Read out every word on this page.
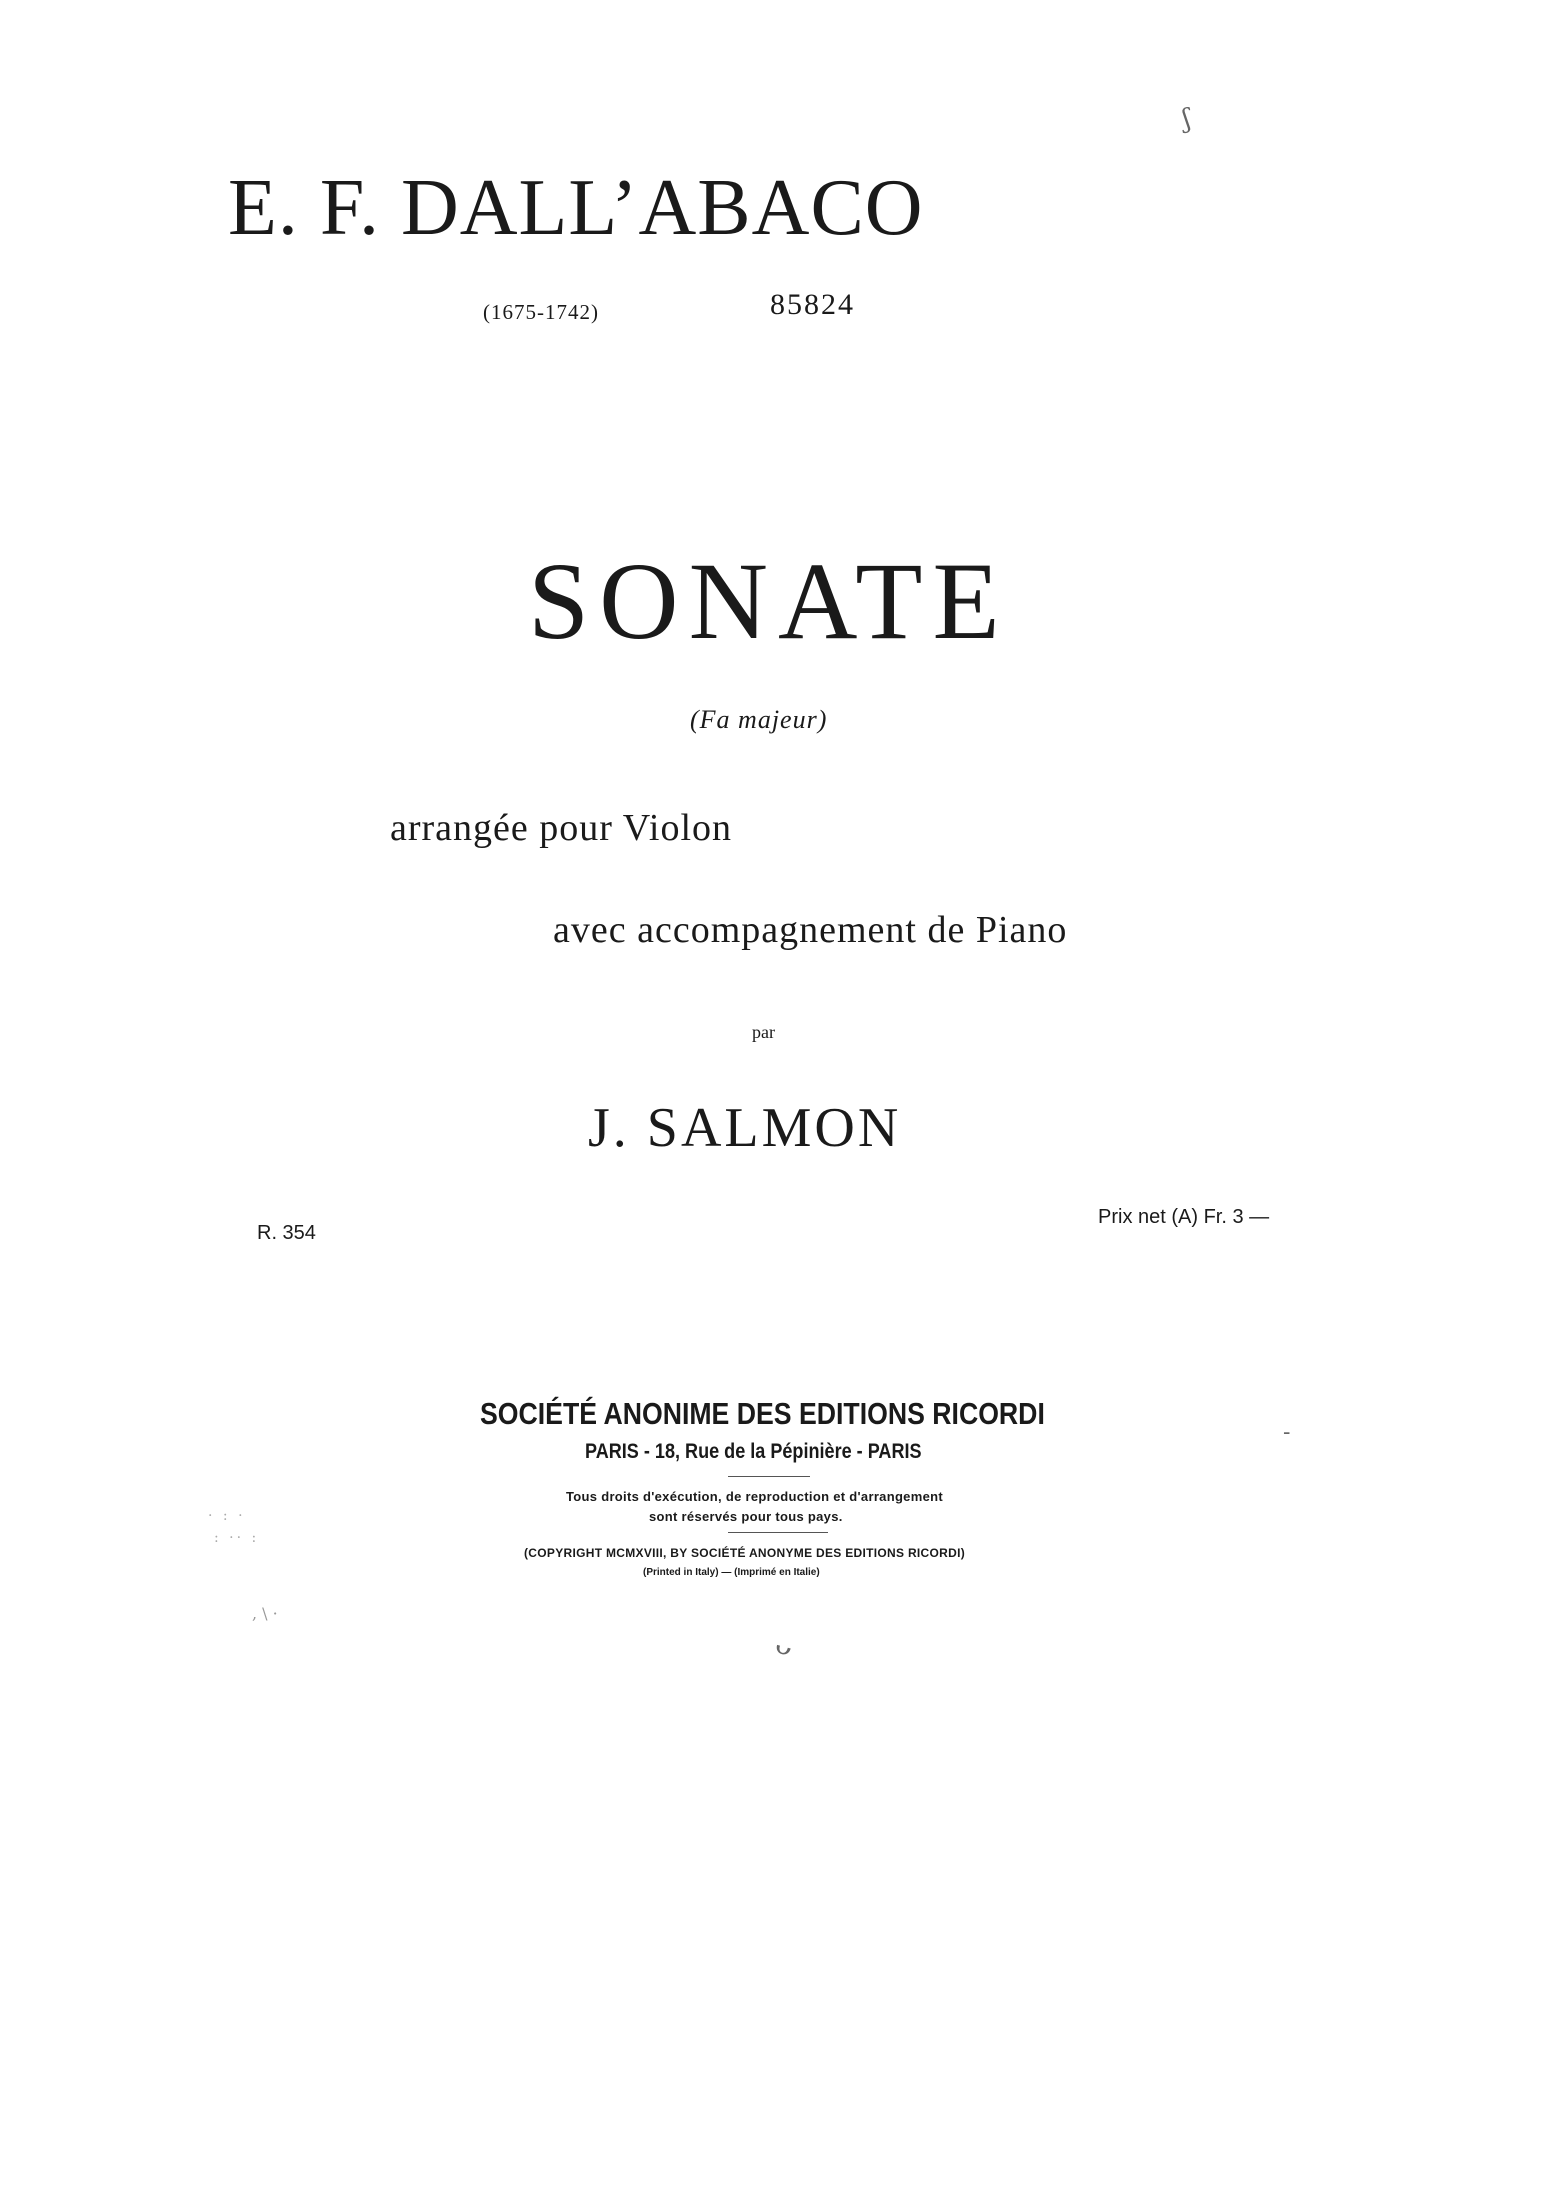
E. F. DALL’ABACO
(1675-1742)	85824
SONATE
(Fa majeur)
arrangée pour Violon
avec accompagnement de Piano
par
J. SALMON
R. 354
Prix net (A) Fr. 3 —
SOCIÉTÉ ANONIME DES EDITIONS RICORDI
PARIS - 18, Rue de la Pépinière - PARIS
Tous droits d'exécution, de reproduction et d'arrangement
sont réservés pour tous pays.
(COPYRIGHT MCMXVIII, BY SOCIÉTÉ ANONYME DES EDITIONS RICORDI)
(Printed in Italy) — (Imprimé en Italie)
ʃ
ᴗ
-
· : ·
: ·· :
, \ ·
